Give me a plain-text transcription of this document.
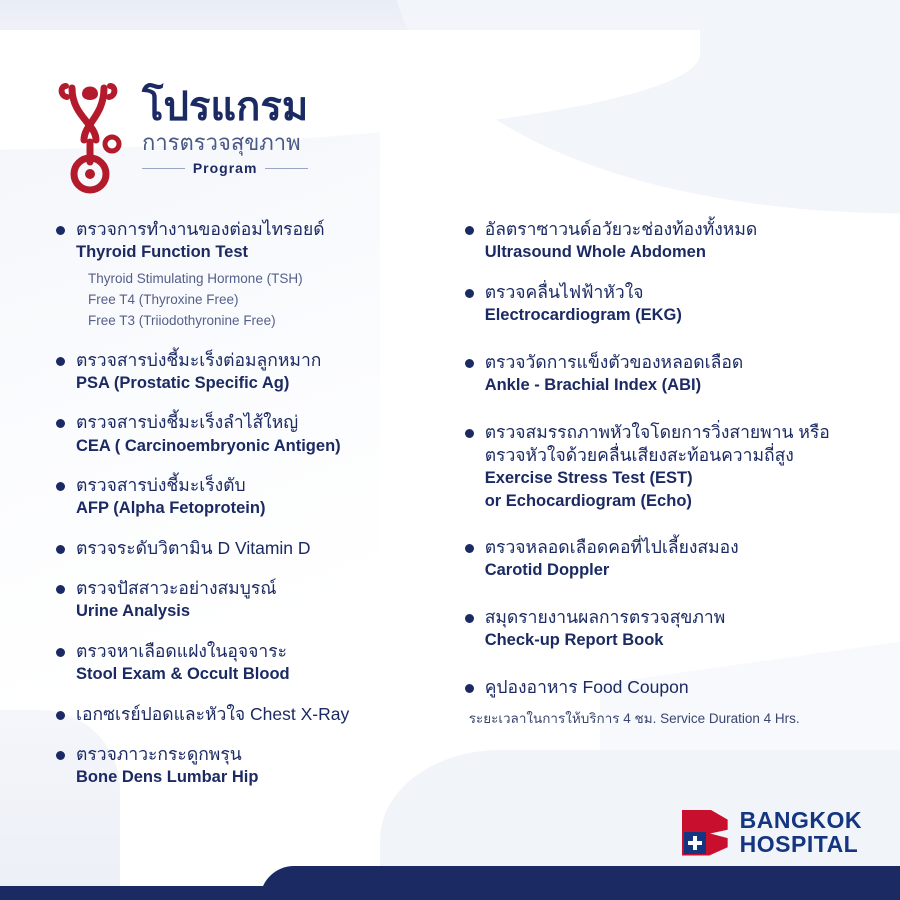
โปรแกรม
การตรวจสุขภาพ
Program
ตรวจการทำงานของต่อมไทรอยด์
Thyroid Function Test
Thyroid Stimulating Hormone (TSH)
Free T4 (Thyroxine Free)
Free T3 (Triiodothyronine Free)
ตรวจสารบ่งชี้มะเร็งต่อมลูกหมาก
PSA (Prostatic Specific Ag)
ตรวจสารบ่งชี้มะเร็งลำไส้ใหญ่
CEA ( Carcinoembryonic Antigen)
ตรวจสารบ่งชี้มะเร็งตับ
AFP (Alpha Fetoprotein)
ตรวจระดับวิตามิน D Vitamin D
ตรวจปัสสาวะอย่างสมบูรณ์
Urine Analysis
ตรวจหาเลือดแฝงในอุจจาระ
Stool Exam & Occult Blood
เอกซเรย์ปอดและหัวใจ Chest X-Ray
ตรวจภาวะกระดูกพรุน
Bone Dens Lumbar Hip
อัลตราซาวนด์อวัยวะช่องท้องทั้งหมด
Ultrasound Whole Abdomen
ตรวจคลื่นไฟฟ้าหัวใจ
Electrocardiogram (EKG)
ตรวจวัดการแข็งตัวของหลอดเลือด
Ankle - Brachial Index (ABI)
ตรวจสมรรถภาพหัวใจโดยการวิ่งสายพาน หรือ ตรวจหัวใจด้วยคลื่นเสียงสะท้อนความถี่สูง
Exercise Stress Test (EST)
or Echocardiogram (Echo)
ตรวจหลอดเลือดคอที่ไปเลี้ยงสมอง
Carotid Doppler
สมุดรายงานผลการตรวจสุขภาพ
Check-up Report Book
คูปองอาหาร Food Coupon
ระยะเวลาในการให้บริการ 4 ชม. Service Duration 4 Hrs.
BANGKOK
HOSPITAL
